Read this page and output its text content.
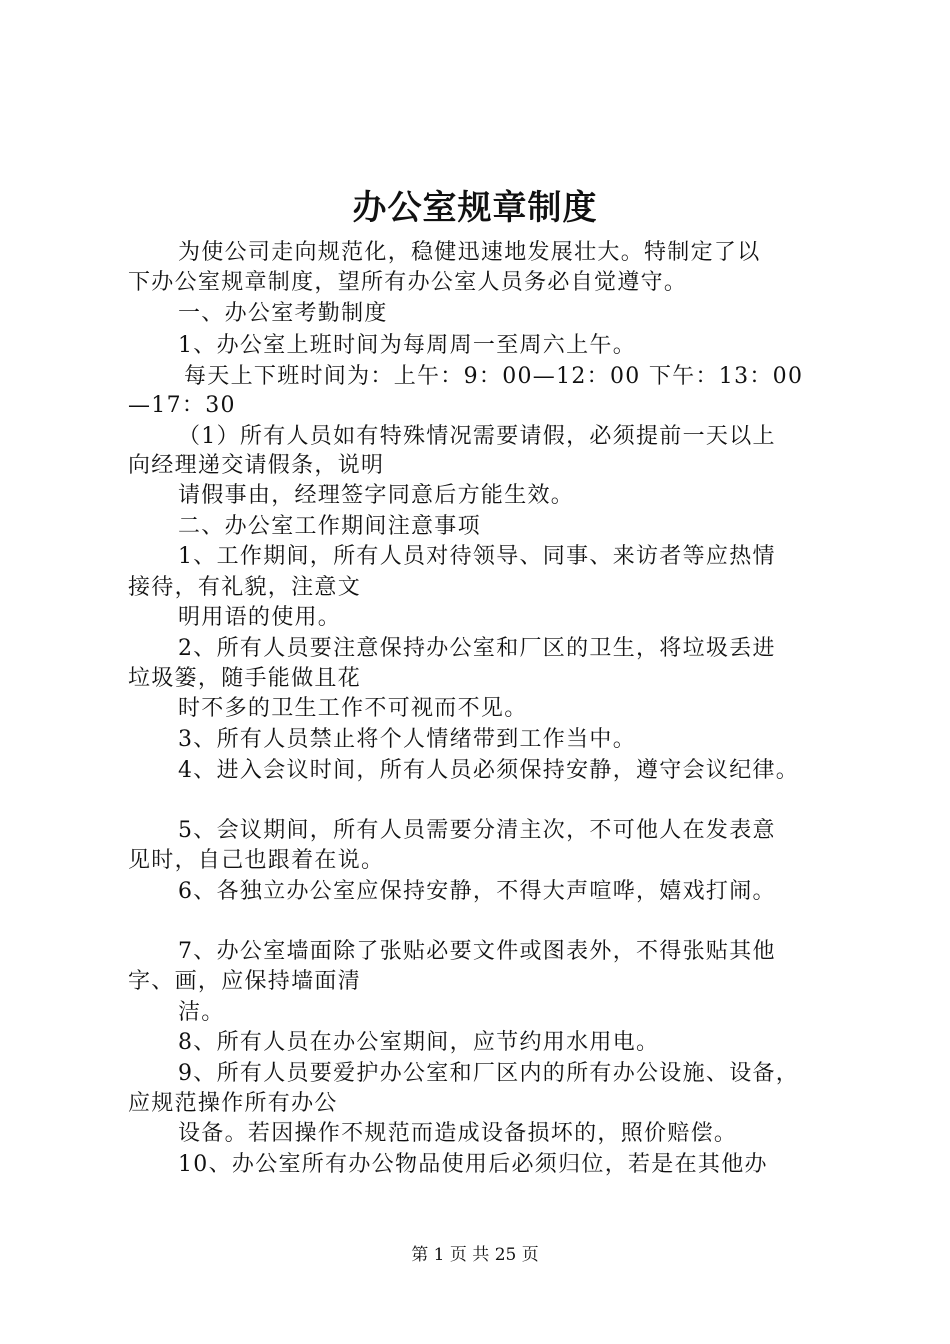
办公室规章制度
为使公司走向规范化，稳健迅速地发展壮大。特制定了以
下办公室规章制度，望所有办公室人员务必自觉遵守。
一、办公室考勤制度
1、办公室上班时间为每周周一至周六上午。
每天上下班时间为：上午：9：00—12：00 下午：13：00
—17：30
（1）所有人员如有特殊情况需要请假，必须提前一天以上
向经理递交请假条，说明
请假事由，经理签字同意后方能生效。
二、办公室工作期间注意事项
1、工作期间，所有人员对待领导、同事、来访者等应热情
接待，有礼貌，注意文
明用语的使用。
2、所有人员要注意保持办公室和厂区的卫生，将垃圾丢进
垃圾篓，随手能做且花
时不多的卫生工作不可视而不见。
3、所有人员禁止将个人情绪带到工作当中。
4、进入会议时间，所有人员必须保持安静，遵守会议纪律。
5、会议期间，所有人员需要分清主次，不可他人在发表意
见时，自己也跟着在说。
6、各独立办公室应保持安静，不得大声喧哗，嬉戏打闹。
7、办公室墙面除了张贴必要文件或图表外，不得张贴其他
字、画，应保持墙面清
洁。
8、所有人员在办公室期间，应节约用水用电。
9、所有人员要爱护办公室和厂区内的所有办公设施、设备，
应规范操作所有办公
设备。若因操作不规范而造成设备损坏的，照价赔偿。
10、办公室所有办公物品使用后必须归位，若是在其他办
第 1 页 共 25 页
